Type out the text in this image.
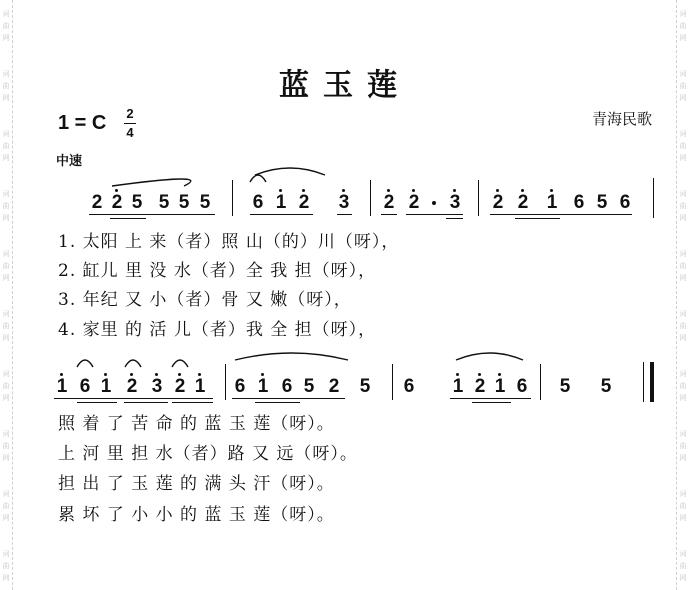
词
曲
网
词
曲
网
词
曲
网
词
曲
网
词
曲
网
词
曲
网
词
曲
网
词
曲
网
词
曲
网
词
曲
网
词
曲
网
词
曲
网
词
曲
网
词
曲
网
词
曲
网
词
曲
网
词
曲
网
词
曲
网
词
曲
网
词
曲
网
蓝玉莲
青海民歌
1 = C 2
4
中速
2 2 5 5 5 5 6 1 2 3 2 2 3 2 2 1 6 5 6
1 6 1 2 3 2 1 6 1 6 5 2 5 6 1 2 1 6 5 5
1. 太阳 上 来（者）照 山（的）川（呀），
2. 缸儿 里 没 水（者）全 我 担（呀），
3. 年纪 又 小（者）骨 又 嫩（呀），
4. 家里 的 活 儿（者）我 全 担（呀），
照 着 了 苦 命 的 蓝 玉 莲（呀）。
上 河 里 担 水（者）路 又 远（呀）。
担 出 了 玉 莲 的 满 头 汗（呀）。
累 坏 了 小 小 的 蓝 玉 莲（呀）。
